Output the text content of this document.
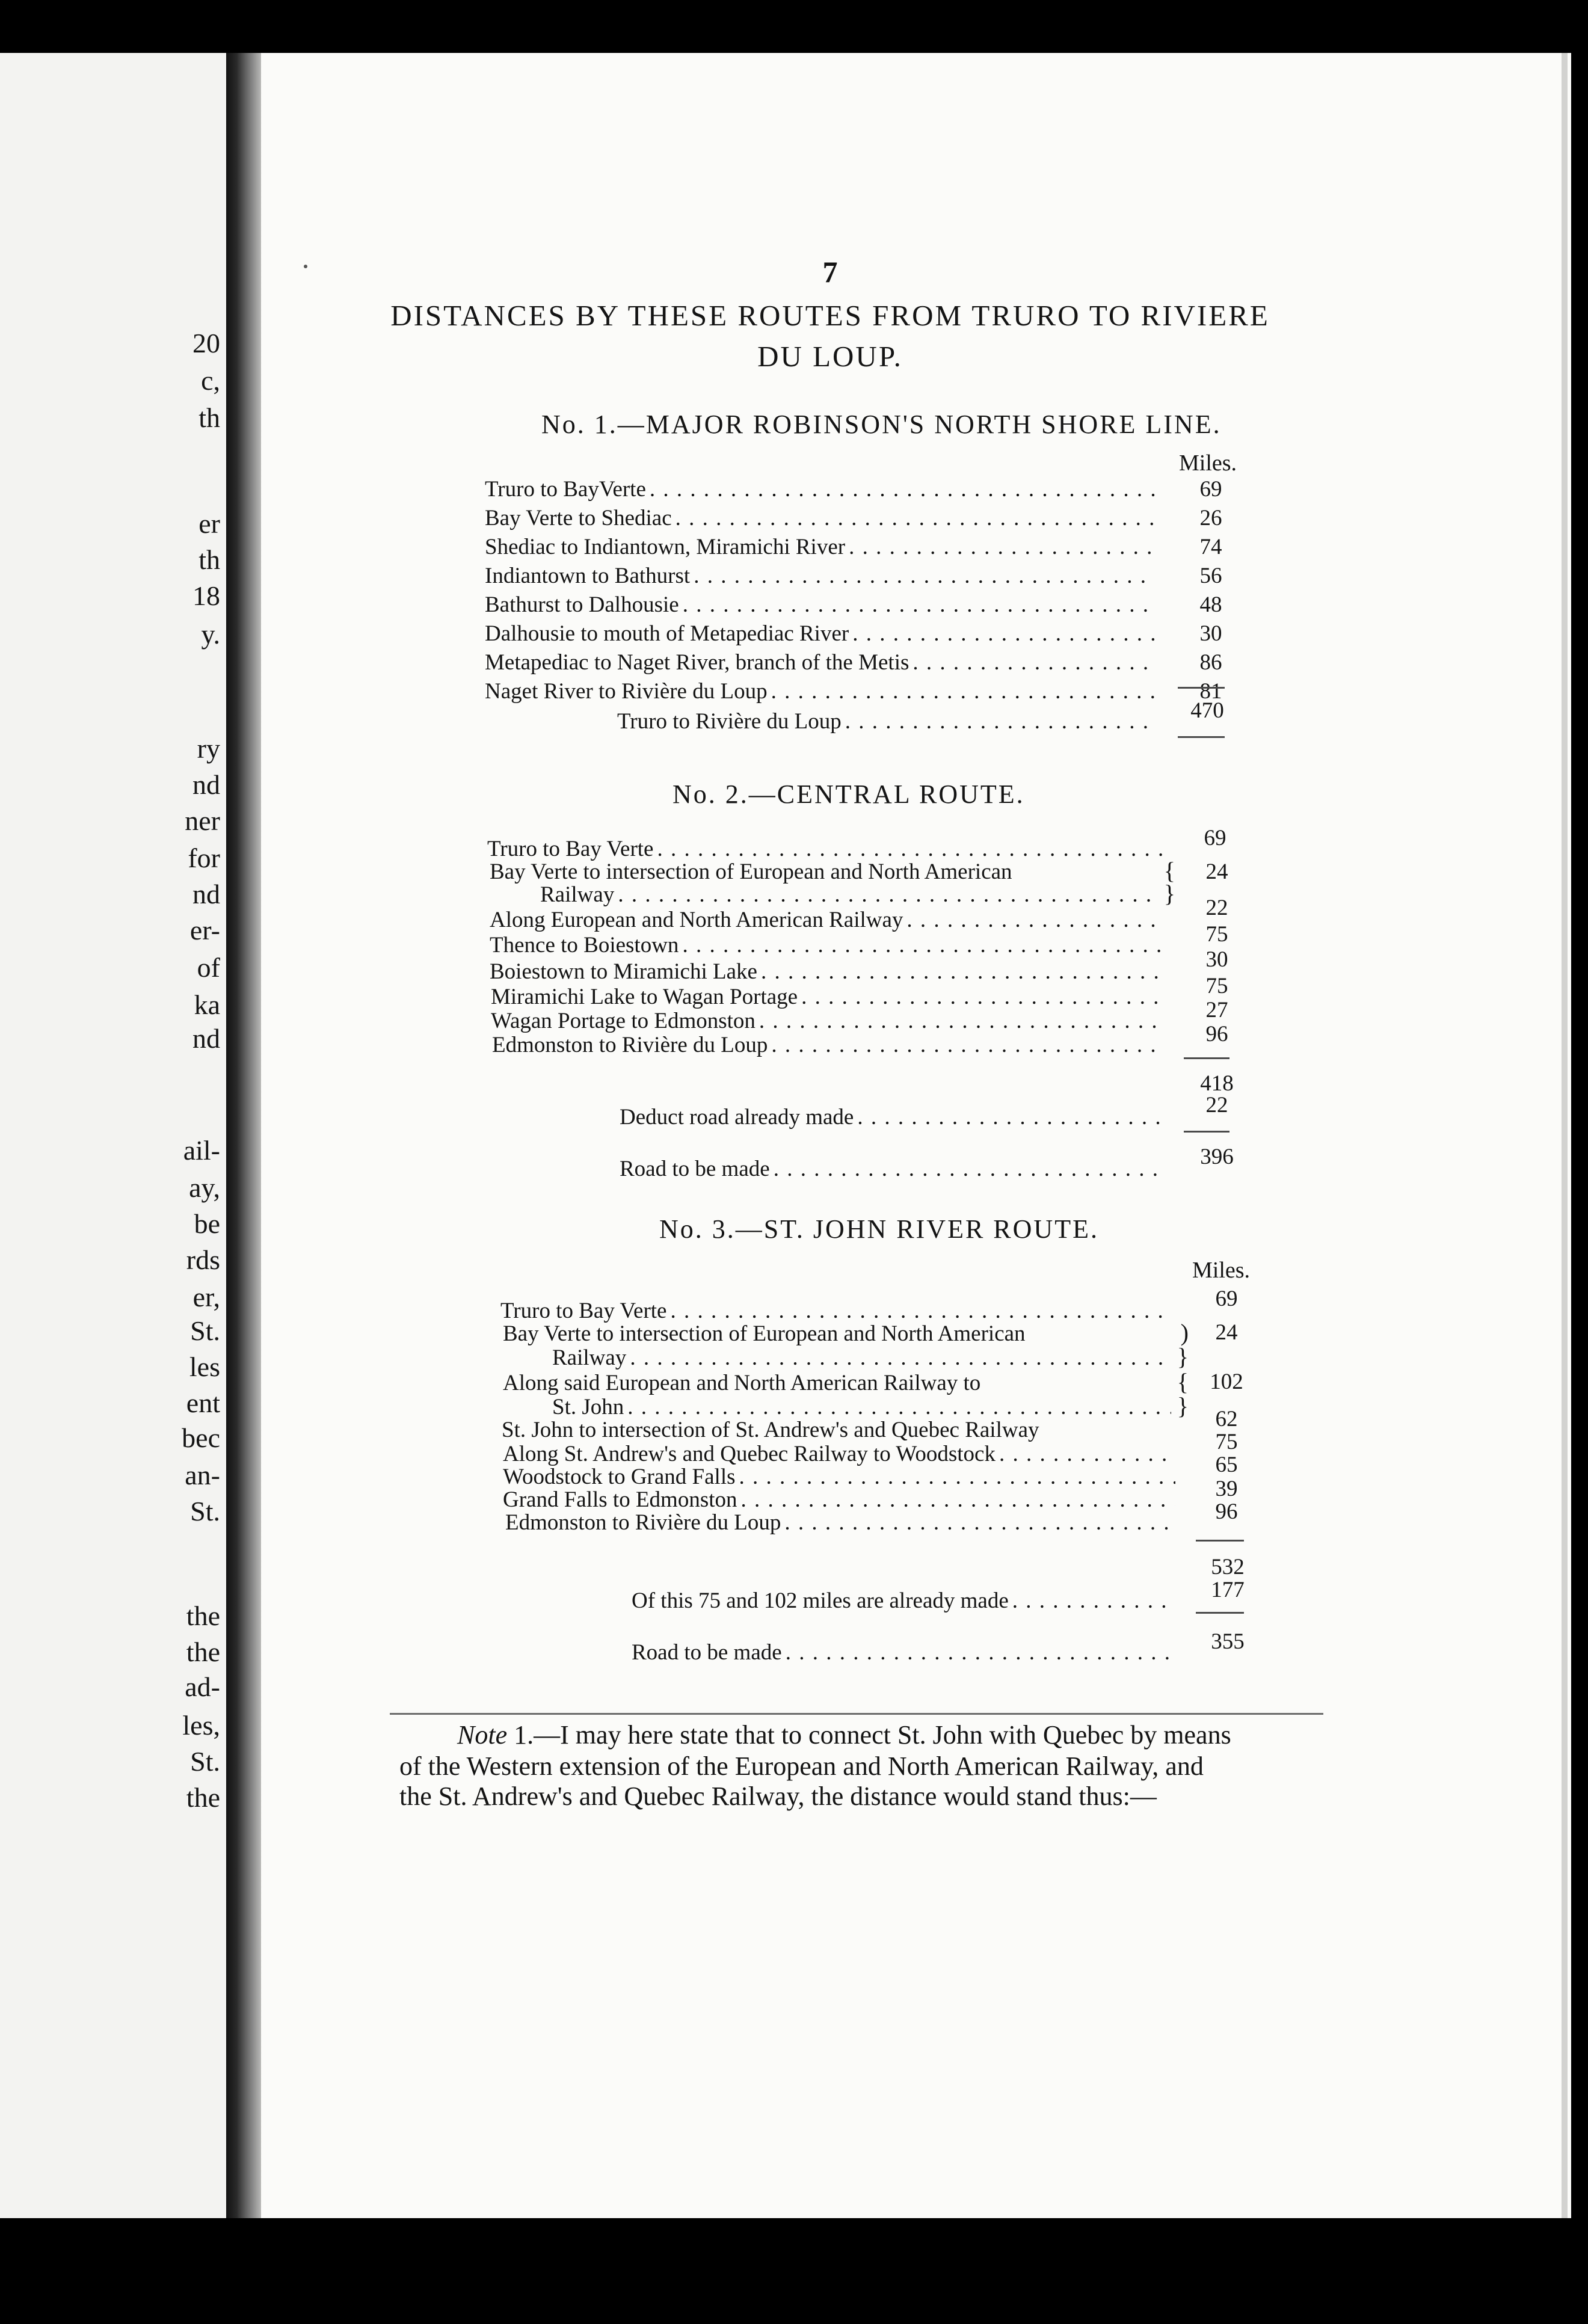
20
c,
th
er
th
18
y.
ry
nd
ner
for
nd
er-
of
ka
nd
ail-
ay,
be
rds
er,
St.
les
ent
bec
an-
St.
the
the
ad-
les,
St.
the
7
DISTANCES BY THESE ROUTES FROM TRURO TO RIVIERE
DU LOUP.
No. 1.—MAJOR ROBINSON'S NORTH SHORE LINE.
Miles.
Truro to BayVerte . . .	69
Bay Verte to Shediac . . .	26
Shediac to Indiantown, Miramichi River . . .	74
Indiantown to Bathurst . . .	56
Bathurst to Dalhousie . . .	48
Dalhousie to mouth of Metapediac River . . .	30
Metapediac to Naget River, branch of the Metis . . .	86
Naget River to Rivière du Loup . . .	81
Truro to Rivière du Loup . . .	470
No. 2.—CENTRAL ROUTE.
Truro to Bay Verte . . .	69
Bay Verte to intersection of European and North American	{	24
Railway . . .	}
Along European and North American Railway . . .	22
Thence to Boiestown . . .	75
Boiestown to Miramichi Lake . . .	30
Miramichi Lake to Wagan Portage . . .	75
Wagan Portage to Edmonston . . .	27
Edmonston to Rivière du Loup . . .	96
418
Deduct road already made . . .	22
Road to be made . . .	396
No. 3.—ST. JOHN RIVER ROUTE.
Miles.
Truro to Bay Verte . . .	69
Bay Verte to intersection of European and North American	)	24
Railway . . .	}
Along said European and North American Railway to	{ 102
St. John . . .	}
St. John to intersection of St. Andrew's and Quebec Railway	62
Along St. Andrew's and Quebec Railway to Woodstock . . .	75
Woodstock to Grand Falls . . .	65
Grand Falls to Edmonston . . .	39
Edmonston to Rivière du Loup . . .	96
532
Of this 75 and 102 miles are already made . . .	177
Road to be made . . .	355
Note 1.—I may here state that to connect St. John with Quebec by means
of the Western extension of the European and North American Railway, and
the St. Andrew's and Quebec Railway, the distance would stand thus:—
